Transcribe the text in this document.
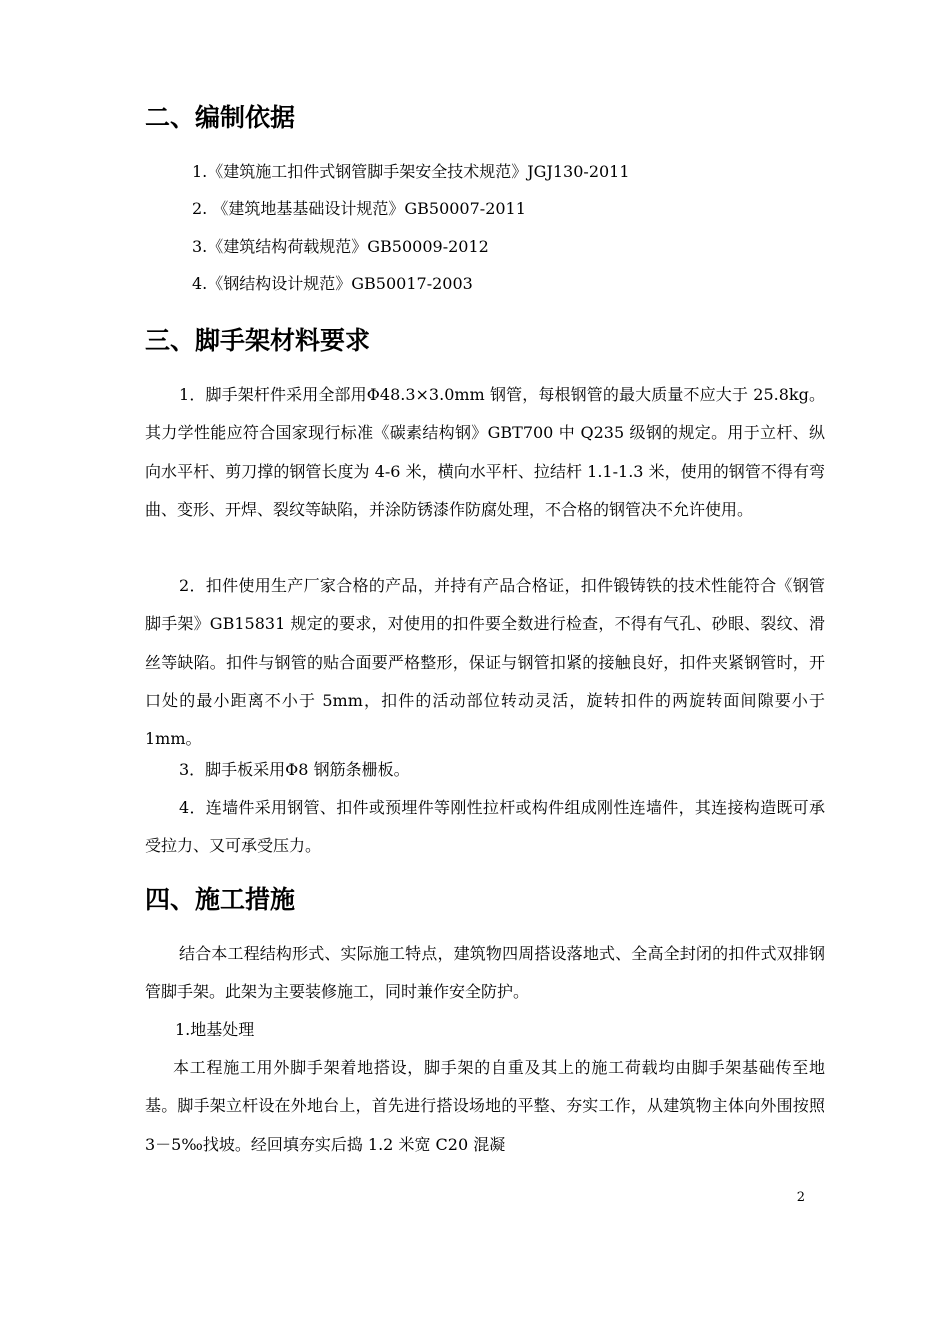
二、编制依据

1.《建筑施工扣件式钢管脚手架安全技术规范》JGJ130-2011

2. 《建筑地基基础设计规范》GB50007-2011

3.《建筑结构荷载规范》GB50009-2012

4.《钢结构设计规范》GB50017-2003

三、脚手架材料要求

1．脚手架杆件采用全部用Φ48.3×3.0mm 钢管，每根钢管的最大质量不应大于 25.8kg。其力学性能应符合国家现行标准《碳素结构钢》GBT700 中 Q235 级钢的规定。用于立杆、纵向水平杆、剪刀撑的钢管长度为 4-6 米，横向水平杆、拉结杆 1.1-1.3 米，使用的钢管不得有弯曲、变形、开焊、裂纹等缺陷，并涂防锈漆作防腐处理，不合格的钢管决不允许使用。

2．扣件使用生产厂家合格的产品，并持有产品合格证，扣件锻铸铁的技术性能符合《钢管脚手架》GB15831 规定的要求，对使用的扣件要全数进行检查，不得有气孔、砂眼、裂纹、滑丝等缺陷。扣件与钢管的贴合面要严格整形，保证与钢管扣紧的接触良好，扣件夹紧钢管时，开口处的最小距离不小于 5mm，扣件的活动部位转动灵活，旋转扣件的两旋转面间隙要小于 1mm。

3．脚手板采用Φ8 钢筋条栅板。

4．连墙件采用钢管、扣件或预埋件等刚性拉杆或构件组成刚性连墙件，其连接构造既可承受拉力、又可承受压力。

四、施工措施

结合本工程结构形式、实际施工特点，建筑物四周搭设落地式、全高全封闭的扣件式双排钢管脚手架。此架为主要装修施工，同时兼作安全防护。

1.地基处理

本工程施工用外脚手架着地搭设，脚手架的自重及其上的施工荷载均由脚手架基础传至地基。脚手架立杆设在外地台上，首先进行搭设场地的平整、夯实工作，从建筑物主体向外围按照 3－5‰找坡。经回填夯实后捣 1.2 米宽 C20 混凝

2
